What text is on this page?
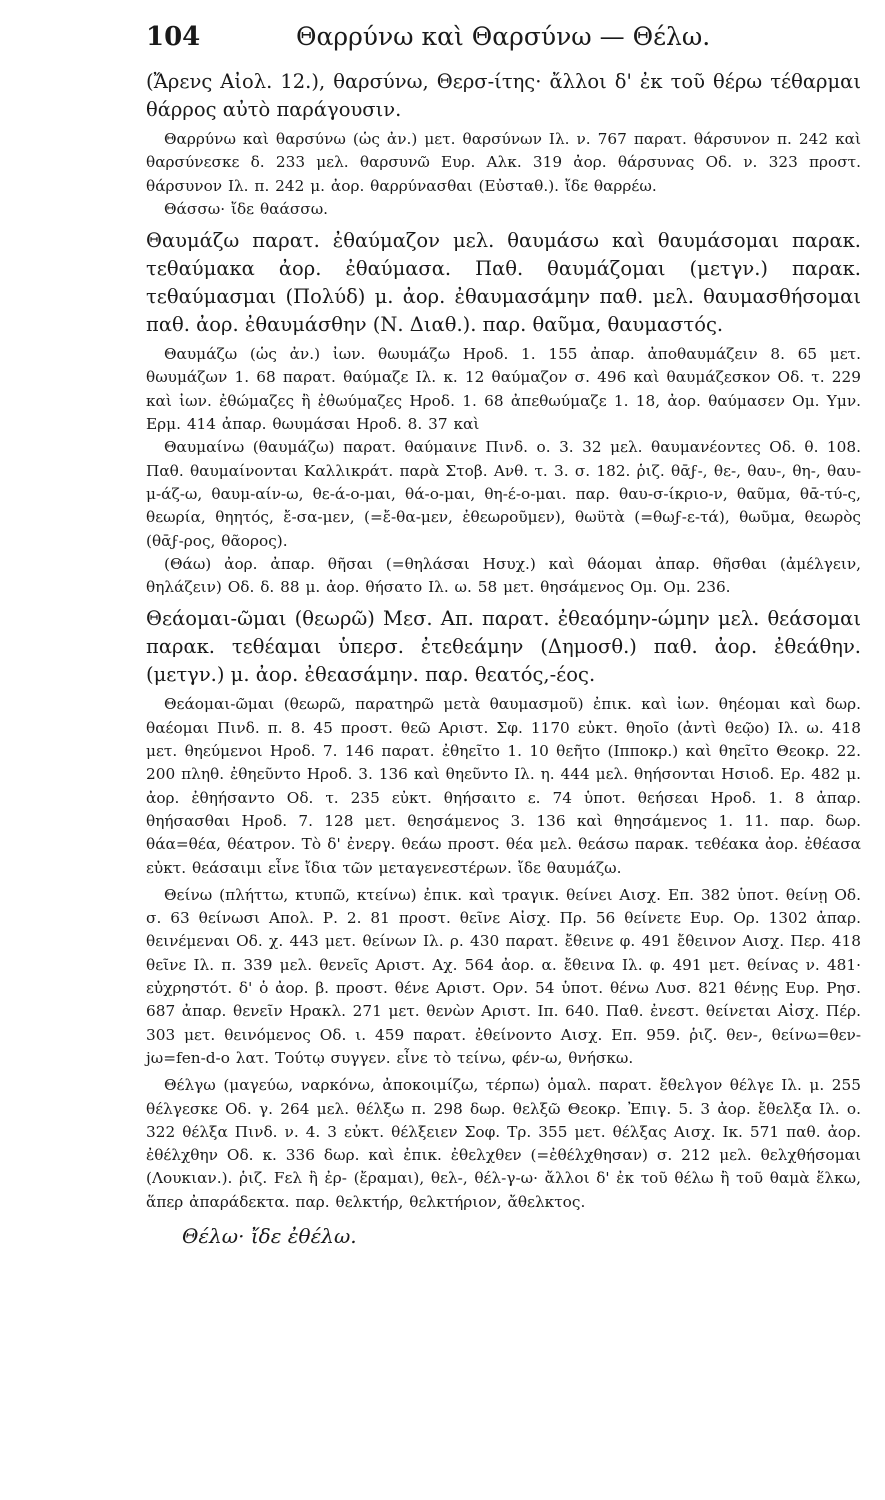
104	Θαρρύνω καὶ Θαρσύνω — Θέλω.

(Ἄρενς Αἰολ. 12.), θαρσύνω, Θερσ-ίτης· ἄλλοι δ' ἐκ τοῦ θέρω τέθαρμαι θάρρος αὐτὸ παράγουσιν.

Θαρρύνω καὶ θαρσύνω (ὡς ἀν.) μετ. θαρσύνων Ιλ. ν. 767 παρατ. θάρσυνον π. 242 καὶ θαρσύνεσκε δ. 233 μελ. θαρσυνῶ Ευρ. Αλκ. 319 ἀορ. θάρσυνας Οδ. ν. 323 προστ. θάρσυνον Ιλ. π. 242 μ. ἀορ. θαρρύνασθαι (Εὐσταθ.). ἴδε θαρρέω.

Θάσσω· ἴδε θαάσσω.

Θαυμάζω παρατ. ἐθαύμαζον μελ. θαυμάσω καὶ θαυμάσομαι παρακ. τεθαύμακα ἀορ. ἐθαύμασα. Παθ. θαυμάζομαι (μετγν.) παρακ. τεθαύμασμαι (Πολύδ) μ. ἀορ. ἐθαυμασάμην παθ. μελ. θαυμασθήσομαι παθ. ἀορ. ἐθαυμάσθην (Ν. Διαθ.). παρ. θαῦμα, θαυμαστός.

Θαυμάζω (ὡς ἀν.) ἰων. θωυμάζω Ηροδ. 1. 155 ἀπαρ. ἀποθαυμάζειν 8. 65 μετ. θωυμάζων 1. 68 παρατ. θαύμαζε Ιλ. κ. 12 θαύμαζον σ. 496 καὶ θαυμάζεσκον Οδ. τ. 229 καὶ ἰων. ἐθώμαζες ἢ ἐθωύμαζες Ηροδ. 1. 68 ἀπεθωύμαζε 1. 18, ἀορ. θαύμασεν Ομ. Υμν. Ερμ. 414 ἀπαρ. θωυμάσαι Ηροδ. 8. 37 καὶ

Θαυμαίνω (θαυμάζω) παρατ. θαύμαινε Πινδ. ο. 3. 32 μελ. θαυμανέοντες Οδ. θ. 108. Παθ. θαυμαίνονται Καλλικράτ. παρὰ Στοβ. Ανθ. τ. 3. σ. 182. ῥιζ. θᾱϝ-, θε-, θαυ-, θη-, θαυ-μ-άζ-ω, θαυμ-αίν-ω, θε-ά-ο-μαι, θά-ο-μαι, θη-έ-ο-μαι. παρ. θαυ-σ-ίκριο-ν, θαῦμα, θᾱ-τύ-ς, θεωρία, θηητός, ἔ-σα-μεν, (=ἔ-θα-μεν, ἐθεωροῦμεν), θωϋτὰ (=θωϝ-ε-τά), θωῦμα, θεωρὸς (θᾱϝ-ρος, θᾶορος).

(Θάω) ἀορ. ἀπαρ. θῆσαι (=θηλάσαι Ησυχ.) καὶ θάομαι ἀπαρ. θῆσθαι (ἀμέλγειν, θηλάζειν) Οδ. δ. 88 μ. ἀορ. θήσατο Ιλ. ω. 58 μετ. θησάμενος Ομ. Ομ. 236.

Θεάομαι-ῶμαι (θεωρῶ) Μεσ. Απ. παρατ. ἐθεαόμην-ώμην μελ. θεάσομαι παρακ. τεθέαμαι ὑπερσ. ἐτεθεάμην (Δημοσθ.) παθ. ἀορ. ἐθεάθην. (μετγν.) μ. ἀορ. ἐθεασάμην. παρ. θεατός,-έος.

Θεάομαι-ῶμαι (θεωρῶ, παρατηρῶ μετὰ θαυμασμοῦ) ἐπικ. καὶ ἰων. θηέομαι καὶ δωρ. θαέομαι Πινδ. π. 8. 45 προστ. θεῶ Αριστ. Σφ. 1170 εὐκτ. θηοῖο (ἀντὶ θεῷο) Ιλ. ω. 418 μετ. θηεύμενοι Ηροδ. 7. 146 παρατ. ἐθηεῖτο 1. 10 θεῆτο (Ιπποκρ.) καὶ θηεῖτο Θεοκρ. 22. 200 πληθ. ἐθηεῦντο Ηροδ. 3. 136 καὶ θηεῦντο Ιλ. η. 444 μελ. θηήσονται Ησιοδ. Ερ. 482 μ. ἀορ. ἐθηήσαντο Οδ. τ. 235 εὐκτ. θηήσαιτο ε. 74 ὑποτ. θεήσεαι Ηροδ. 1. 8 ἀπαρ. θηήσασθαι Ηροδ. 7. 128 μετ. θεησάμενος 3. 136 καὶ θηησάμενος 1. 11. παρ. δωρ. θάα=θέα, θέατρον. Τὸ δ' ἐνεργ. θεάω προστ. θέα μελ. θεάσω παρακ. τεθέακα ἀορ. ἐθέασα εὐκτ. θεάσαιμι εἶνε ἴδια τῶν μεταγενεστέρων. ἴδε θαυμάζω.

Θείνω (πλήττω, κτυπῶ, κτείνω) ἐπικ. καὶ τραγικ. θείνει Αισχ. Επ. 382 ὑποτ. θείνῃ Οδ. σ. 63 θείνωσι Απολ. Ρ. 2. 81 προστ. θεῖνε Αἰσχ. Πρ. 56 θείνετε Ευρ. Ορ. 1302 ἀπαρ. θεινέμεναι Οδ. χ. 443 μετ. θείνων Ιλ. ρ. 430 παρατ. ἔθεινε φ. 491 ἔθεινον Αισχ. Περ. 418 θεῖνε Ιλ. π. 339 μελ. θενεῖς Αριστ. Αχ. 564 ἀορ. α. ἔθεινα Ιλ. φ. 491 μετ. θείνας ν. 481· εὐχρηστότ. δ' ὁ ἀορ. β. προστ. θένε Αριστ. Ορν. 54 ὑποτ. θένω Λυσ. 821 θένῃς Ευρ. Ρησ. 687 ἀπαρ. θενεῖν Ηρακλ. 271 μετ. θενὼν Αριστ. Ιπ. 640. Παθ. ἐνεστ. θείνεται Αἰσχ. Πέρ. 303 μετ. θεινόμενος Οδ. ι. 459 παρατ. ἐθείνοντο Αισχ. Επ. 959. ῥιζ. θεν-, θείνω=θεν-jω=fen-d-o λατ. Τούτῳ συγγεν. εἶνε τὸ τείνω, φέν-ω, θνήσκω.

Θέλγω (μαγεύω, ναρκόνω, ἀποκοιμίζω, τέρπω) ὁμαλ. παρατ. ἔθελγον θέλγε Ιλ. μ. 255 θέλγεσκε Οδ. γ. 264 μελ. θέλξω π. 298 δωρ. θελξῶ Θεοκρ. Ἐπιγ. 5. 3 ἀορ. ἔθελξα Ιλ. ο. 322 θέλξα Πινδ. ν. 4. 3 εὐκτ. θέλξειεν Σοφ. Τρ. 355 μετ. θέλξας Αισχ. Ικ. 571 παθ. ἀορ. ἐθέλχθην Οδ. κ. 336 δωρ. καὶ ἐπικ. ἐθελχθεν (=ἐθέλχθησαν) σ. 212 μελ. θελχθήσομαι (Λουκιαν.). ῥιζ. Fελ ἢ ἐρ- (ἔραμαι), θελ-, θέλ-γ-ω· ἄλλοι δ' ἐκ τοῦ θέλω ἢ τοῦ θαμὰ ἕλκω, ἅπερ ἀπαράδεκτα. παρ. θελκτήρ, θελκτήριον, ἄθελκτος.

Θέλω· ἴδε ἐθέλω.
